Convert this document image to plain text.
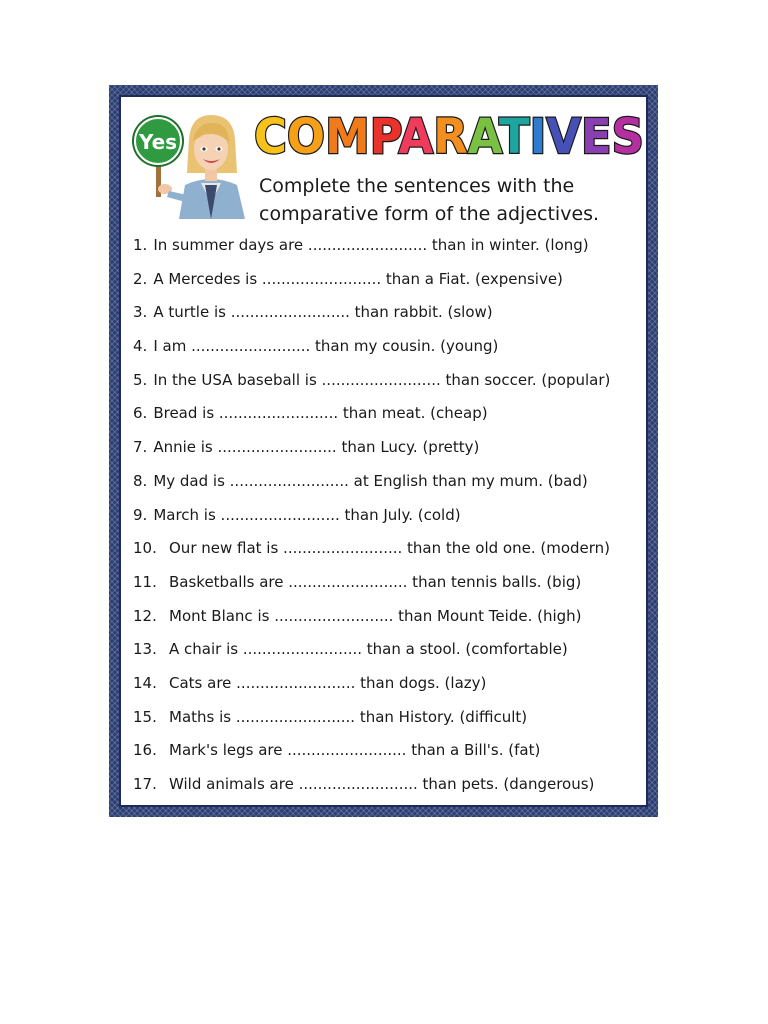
Yes COMPARATIVES
Complete the sentences with the
comparative form of the adjectives.
1. In summer days are ......................... than in winter. (long)
2. A Mercedes is ......................... than a Fiat. (expensive)
3. A turtle is ......................... than rabbit. (slow)
4. I am ......................... than my cousin. (young)
5. In the USA baseball is ......................... than soccer. (popular)
6. Bread is ......................... than meat. (cheap)
7. Annie is ......................... than Lucy. (pretty)
8. My dad is ......................... at English than my mum. (bad)
9. March is ......................... than July. (cold)
10. Our new flat is ......................... than the old one. (modern)
11. Basketballs are ......................... than tennis balls. (big)
12. Mont Blanc is ......................... than Mount Teide. (high)
13. A chair is ......................... than a stool. (comfortable)
14. Cats are ......................... than dogs. (lazy)
15. Maths is ......................... than History. (difficult)
16. Mark's legs are ......................... than a Bill's. (fat)
17. Wild animals are ......................... than pets. (dangerous)
